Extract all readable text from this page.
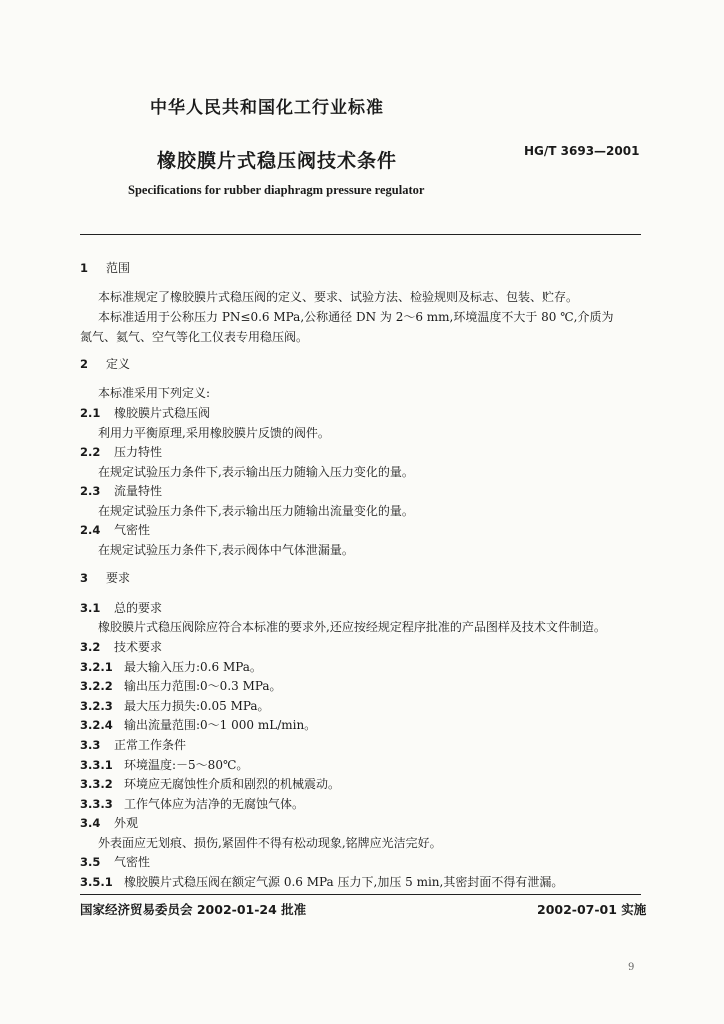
中华人民共和国化工行业标准
橡胶膜片式稳压阀技术条件	HG/T 3693—2001
Specifications for rubber diaphragm pressure regulator
1 范围
本标准规定了橡胶膜片式稳压阀的定义、要求、试验方法、检验规则及标志、包装、贮存。
本标准适用于公称压力 PN≤0.6 MPa,公称通径 DN 为 2～6 mm,环境温度不大于 80 ℃,介质为
氮气、氦气、空气等化工仪表专用稳压阀。
2 定义
本标准采用下列定义:
2.1 橡胶膜片式稳压阀
利用力平衡原理,采用橡胶膜片反馈的阀件。
2.2 压力特性
在规定试验压力条件下,表示输出压力随输入压力变化的量。
2.3 流量特性
在规定试验压力条件下,表示输出压力随输出流量变化的量。
2.4 气密性
在规定试验压力条件下,表示阀体中气体泄漏量。
3 要求
3.1 总的要求
橡胶膜片式稳压阀除应符合本标准的要求外,还应按经规定程序批准的产品图样及技术文件制造。
3.2 技术要求
3.2.1 最大输入压力:0.6 MPa。
3.2.2 输出压力范围:0～0.3 MPa。
3.2.3 最大压力损失:0.05 MPa。
3.2.4 输出流量范围:0～1 000 mL/min。
3.3 正常工作条件
3.3.1 环境温度:－5～80℃。
3.3.2 环境应无腐蚀性介质和剧烈的机械震动。
3.3.3 工作气体应为洁净的无腐蚀气体。
3.4 外观
外表面应无划痕、损伤,紧固件不得有松动现象,铭牌应光洁完好。
3.5 气密性
3.5.1 橡胶膜片式稳压阀在额定气源 0.6 MPa 压力下,加压 5 min,其密封面不得有泄漏。
国家经济贸易委员会 2002-01-24 批准	2002-07-01 实施
9
